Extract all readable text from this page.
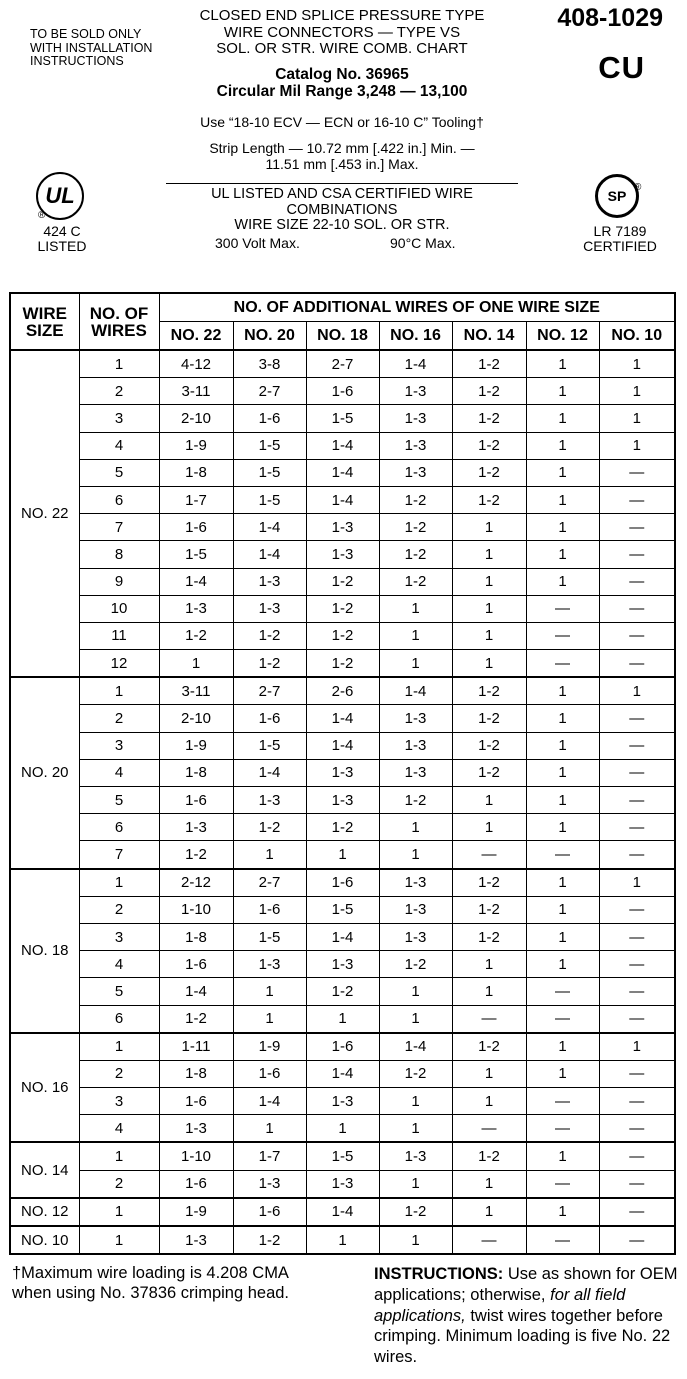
TO BE SOLD ONLY WITH INSTALLATION INSTRUCTIONS
CLOSED END SPLICE PRESSURE TYPE
WIRE CONNECTORS — TYPE VS
SOL. OR STR. WIRE COMB. CHART
408-1029
CU
Catalog No. 36965
Circular Mil Range 3,248 — 13,100
Use “18-10 ECV — ECN or 16-10 C” Tooling†
Strip Length — 10.72 mm [.422 in.] Min. —
11.51 mm [.453 in.] Max.
UL LISTED AND CSA CERTIFIED WIRE
COMBINATIONS
WIRE SIZE 22-10 SOL. OR STR.
300 Volt Max.	90°C Max.
UL
®
424 C
LISTED
SP
®
LR 7189
CERTIFIED
WIRE SIZE	NO. OF WIRES	NO. OF ADDITIONAL WIRES OF ONE WIRE SIZE						
		NO. 22	NO. 20	NO. 18	NO. 16	NO. 14	NO. 12	NO. 10
NO. 22	1	4-12	3-8	2-7	1-4	1-2	1	1
	2	3-11	2-7	1-6	1-3	1-2	1	1
	3	2-10	1-6	1-5	1-3	1-2	1	1
	4	1-9	1-5	1-4	1-3	1-2	1	1
	5	1-8	1-5	1-4	1-3	1-2	1	—
	6	1-7	1-5	1-4	1-2	1-2	1	—
	7	1-6	1-4	1-3	1-2	1	1	—
	8	1-5	1-4	1-3	1-2	1	1	—
	9	1-4	1-3	1-2	1-2	1	1	—
	10	1-3	1-3	1-2	1	1	—	—
	11	1-2	1-2	1-2	1	1	—	—
	12	1	1-2	1-2	1	1	—	—
NO. 20	1	3-11	2-7	2-6	1-4	1-2	1	1
	2	2-10	1-6	1-4	1-3	1-2	1	—
	3	1-9	1-5	1-4	1-3	1-2	1	—
	4	1-8	1-4	1-3	1-3	1-2	1	—
	5	1-6	1-3	1-3	1-2	1	1	—
	6	1-3	1-2	1-2	1	1	1	—
	7	1-2	1	1	1	—	—	—
NO. 18	1	2-12	2-7	1-6	1-3	1-2	1	1
	2	1-10	1-6	1-5	1-3	1-2	1	—
	3	1-8	1-5	1-4	1-3	1-2	1	—
	4	1-6	1-3	1-3	1-2	1	1	—
	5	1-4	1	1-2	1	1	—	—
	6	1-2	1	1	1	—	—	—
NO. 16	1	1-11	1-9	1-6	1-4	1-2	1	1
	2	1-8	1-6	1-4	1-2	1	1	—
	3	1-6	1-4	1-3	1	1	—	—
	4	1-3	1	1	1	—	—	—
NO. 14	1	1-10	1-7	1-5	1-3	1-2	1	—
	2	1-6	1-3	1-3	1	1	—	—
NO. 12	1	1-9	1-6	1-4	1-2	1	1	—
NO. 10	1	1-3	1-2	1	1	—	—	—
†Maximum wire loading is 4.208 CMA when using No. 37836 crimping head.
INSTRUCTIONS: Use as shown for OEM applications; otherwise, for all field applications, twist wires together before crimping. Minimum loading is five No. 22 wires.
